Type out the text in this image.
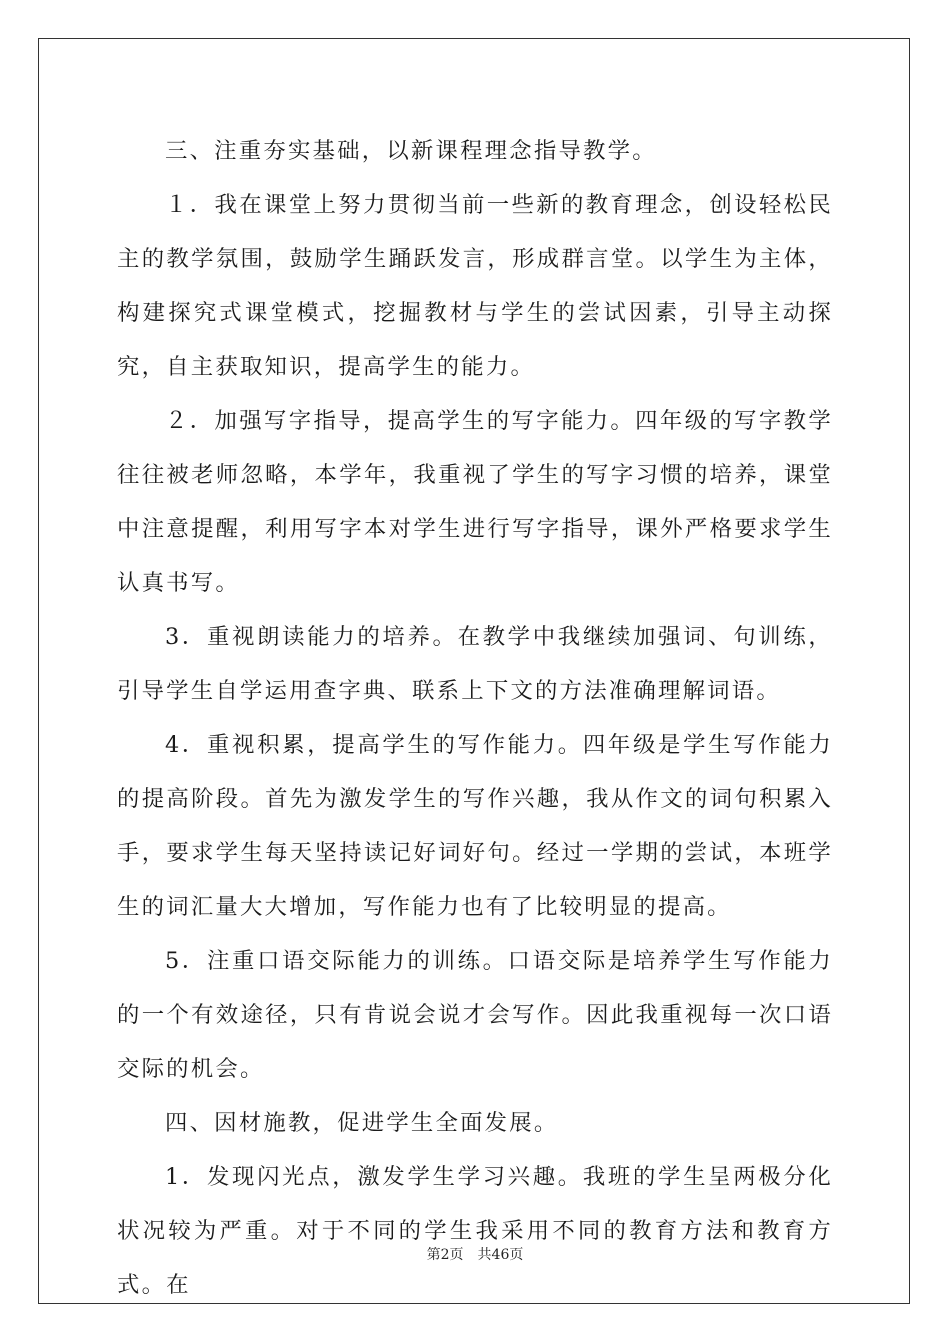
三、注重夯实基础，以新课程理念指导教学。

１．我在课堂上努力贯彻当前一些新的教育理念，创设轻松民主的教学氛围，鼓励学生踊跃发言，形成群言堂。以学生为主体，构建探究式课堂模式，挖掘教材与学生的尝试因素，引导主动探究，自主获取知识，提高学生的能力。

２．加强写字指导，提高学生的写字能力。四年级的写字教学往往被老师忽略，本学年，我重视了学生的写字习惯的培养，课堂中注意提醒，利用写字本对学生进行写字指导，课外严格要求学生认真书写。

3．重视朗读能力的培养。在教学中我继续加强词、句训练，引导学生自学运用查字典、联系上下文的方法准确理解词语。

4．重视积累，提高学生的写作能力。四年级是学生写作能力的提高阶段。首先为激发学生的写作兴趣，我从作文的词句积累入手，要求学生每天坚持读记好词好句。经过一学期的尝试，本班学生的词汇量大大增加，写作能力也有了比较明显的提高。

5．注重口语交际能力的训练。口语交际是培养学生写作能力的一个有效途径，只有肯说会说才会写作。因此我重视每一次口语交际的机会。

四、因材施教，促进学生全面发展。

1．发现闪光点，激发学生学习兴趣。我班的学生呈两极分化状况较为严重。对于不同的学生我采用不同的教育方法和教育方式。在

第2页 共46页
